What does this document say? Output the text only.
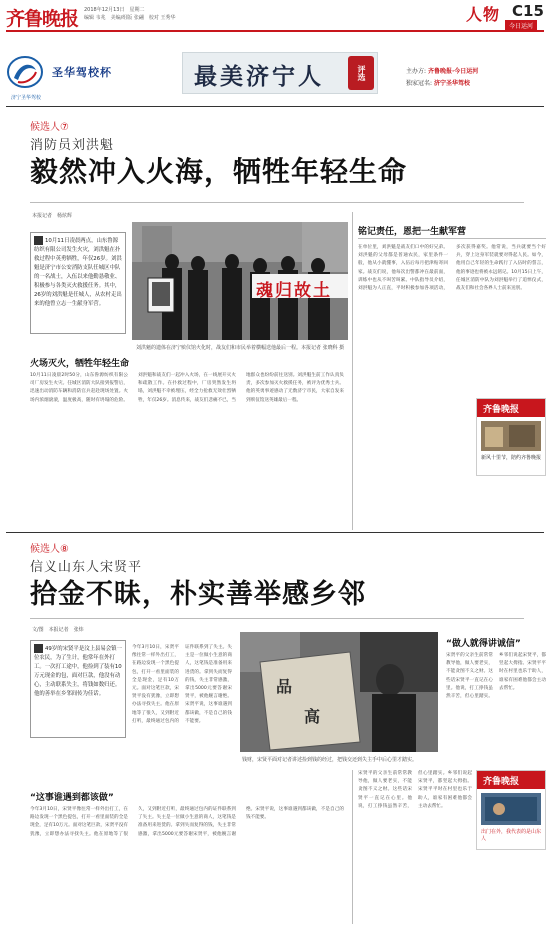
齐鲁晚报 2018年12月13日　星期二
编辑 韦兆　美编/组版 张翩　校对 王秀华	人物 C15
今日运河
济宁圣华驾校
圣华驾校杯	最美济宁人	评选	主办方: 齐鲁晚报·今日运河
独家冠名: 济宁圣华驾校
候选人⑦
消防员刘洪魁
毅然冲入火海，牺牲年轻生命
本报记者　杨炫辉
10月11日凌晨两点，山东鲁源纺织有限公司发生火灾，刘洪魁在扑救过程中英勇牺牲，年仅26岁。刘洪魁是济宁市公安消防支队任城区中队的一名战士，入伍以来他勤恳敬业、积极参与各类灭火救援任务。其中，26岁的刘洪魁是任城人，从农村走出来的他曾立志一生献身军营。
魂归故土
刘洪魁的遗体在济宁殡仪馆火化时，战友们和市民举着横幅送他最后一程。本报记者 张晓科 摄
火场灭火，牺牲年轻生命
10月11日凌晨2时50分，山东鲁源纺织有限公司厂房发生火灾。任城区消防大队接到报警后，迅速出动消防车辆和消防官兵赶赴现场处置。火场内浓烟滚滚，温度极高，随时有坍塌的危险。刘洪魁和战友们一起冲入火场，在一线展开灭火和疏散工作。在扑救过程中，厂房突然发生坍塌，刘洪魁不幸被埋压，经全力抢救无效壮烈牺牲，年仅26岁。消息传来，战友们悲痛不已，当地群众也纷纷前往送别。刘洪魁生前工作认真负责，多次参加灭火救援任务，被评为优秀士兵。他的英勇事迹感动了无数济宁市民，大家自发来到殡仪馆送英雄最后一程。
铭记责任，恩把一生献军营
在单位里，刘洪魁是战友们口中的好兄弟。刘洪魁的父母都是普通农民，家里条件一般，他从小就懂事，入伍后每月把津贴寄回家。战友们说，他每次出警都冲在最前面，训练中也从不叫苦叫累。中队指导员介绍，刘洪魁为人正直，平时积极参加各项活动，多次获得嘉奖。他常说，当兵就要当个好兵，穿上这身军装就要对得起人民。如今，他用自己年轻的生命践行了入伍时的誓言，他的事迹也将被永远铭记。10月15日上午，任城区消防中队为刘洪魁举行了追悼仪式，战友们和社会各界人士前来送别。
齐鲁晚报
新风十里节，陪约齐鲁晚报
候选人⑧
信义山东人宋贤平
拾金不昧，朴实善举感乡邻
文/图　本报记者　张炜
49岁的宋贤平是汶上县易会镇一位农民，为了生计，他常年在外打工。一次打工途中，他捡到了装有10万元现金的包，面对巨款，他没有动心，主动联系失主，将钱如数归还。他的善举在乡邻间传为佳话。
今年3月10日，宋贤平像往常一样外出打工，在路边发现一个黑色提包，打开一看里面装的全是现金，足有10万元。面对这笔巨款，宋贤平没有犹豫，立即想办法寻找失主。他在原地等了很久，又到附近打听，最终通过包内的证件联系到了失主。失主是一位做小生意的商人，这笔钱是准备用来进货的。拿到失而复得的钱，失主非常感激，拿出5000元要答谢宋贤平，被他婉言谢绝。宋贤平说，这事谁遇到都该做，不是自己的钱不能要。
品
高
钱财，宋贤平面对记者讲述捡到钱的经过，把钱交还到失主手中后心里才踏实。
“做人就得讲诚信”
宋贤平的父亲生前常常教导他，做人要老实，不能贪图不义之财。这些话宋贤平一直记在心里。他说，打工挣钱虽然辛苦，但心里踏实。乡邻们说起宋贤平，都竖起大拇指。宋贤平平时在村里也乐于助人，谁家有困难他都会主动去帮忙。
“这事谁遇到都该做”
今年3月10日，宋贤平像往常一样外出打工，在路边发现一个黑色提包，打开一看里面装的全是现金，足有10万元。面对这笔巨款，宋贤平没有犹豫，立即想办法寻找失主。他在原地等了很久，又到附近打听，最终通过包内的证件联系到了失主。失主是一位做小生意的商人，这笔钱是准备用来进货的。拿到失而复得的钱，失主非常感激，拿出5000元要答谢宋贤平，被他婉言谢绝。宋贤平说，这事谁遇到都该做，不是自己的钱不能要。
宋贤平的父亲生前常常教导他，做人要老实，不能贪图不义之财。这些话宋贤平一直记在心里。他说，打工挣钱虽然辛苦，但心里踏实。乡邻们说起宋贤平，都竖起大拇指。宋贤平平时在村里也乐于助人，谁家有困难他都会主动去帮忙。
齐鲁晚报
出门在外，我代表的是山东人
